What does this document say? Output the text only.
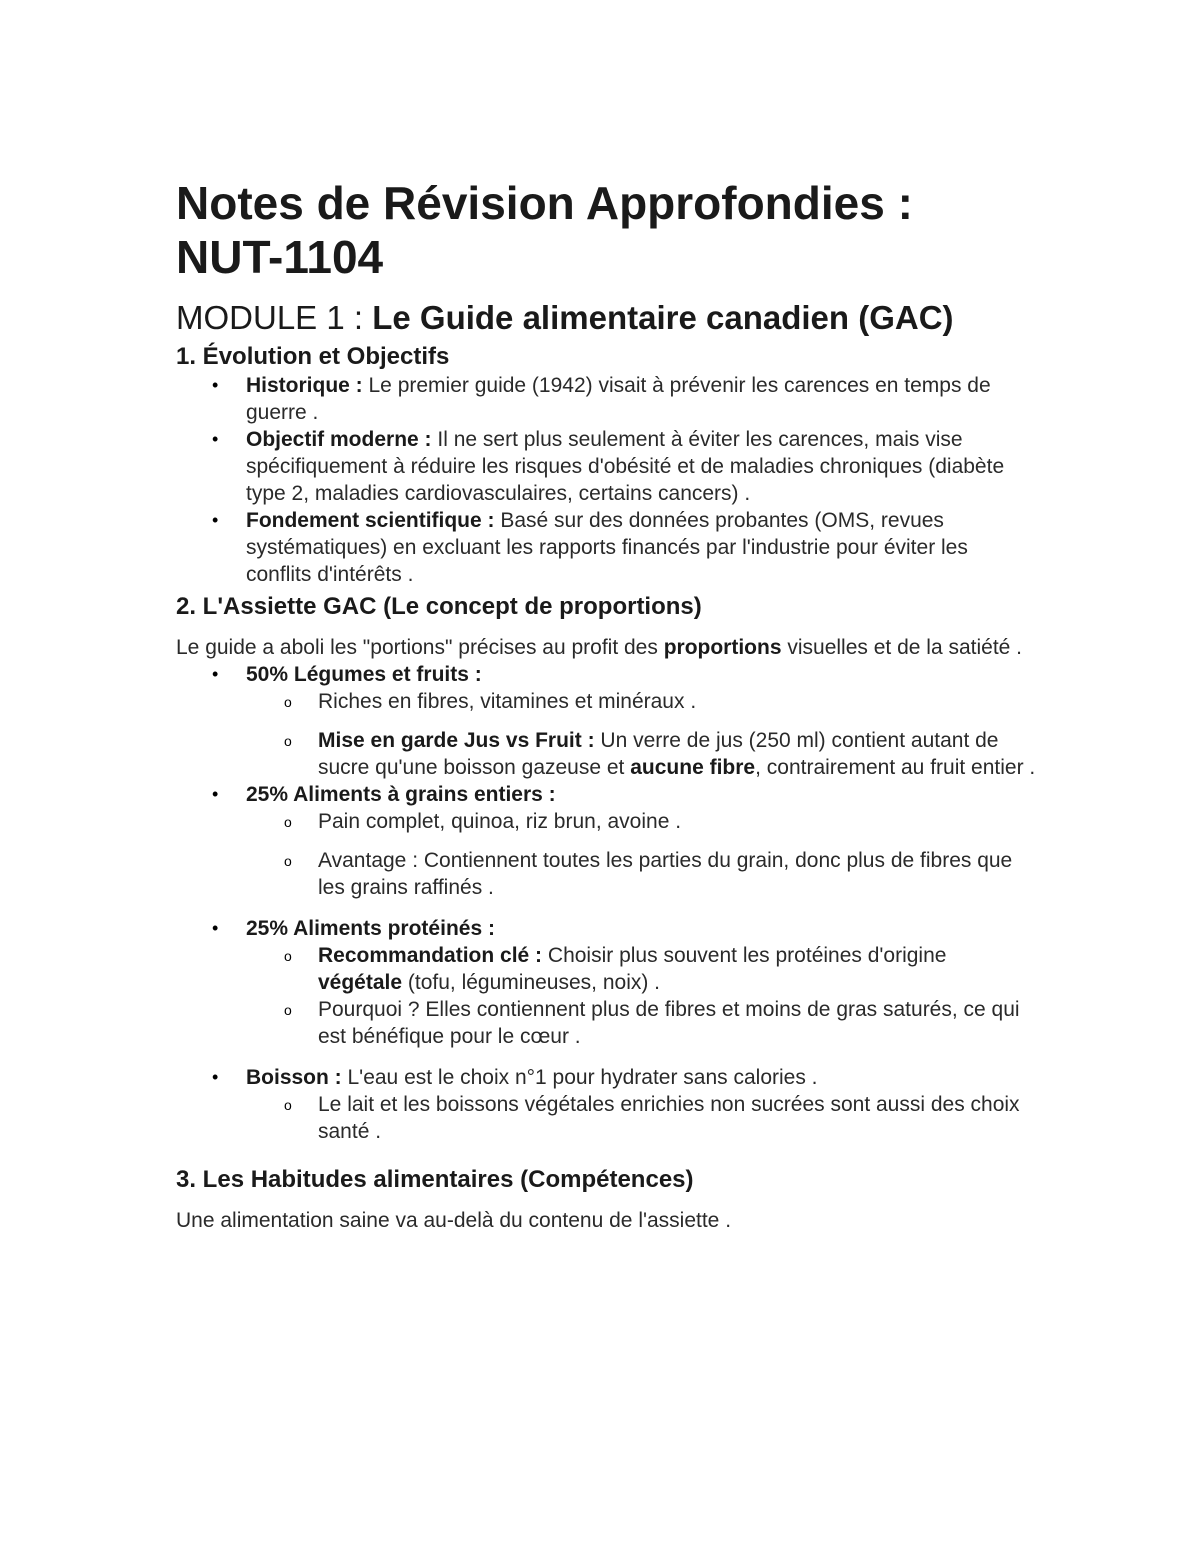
Notes de Révision Approfondies :
NUT-1104
MODULE 1 : Le Guide alimentaire canadien (GAC)
1. Évolution et Objectifs
• Historique : Le premier guide (1942) visait à prévenir les carences en temps de guerre .
• Objectif moderne : Il ne sert plus seulement à éviter les carences, mais vise spécifiquement à réduire les risques d'obésité et de maladies chroniques (diabète type 2, maladies cardiovasculaires, certains cancers) .
• Fondement scientifique : Basé sur des données probantes (OMS, revues systématiques) en excluant les rapports financés par l'industrie pour éviter les conflits d'intérêts .
2. L'Assiette GAC (Le concept de proportions)

Le guide a aboli les "portions" précises au profit des proportions visuelles et de la satiété .

• 50% Légumes et fruits :
o Riches en fibres, vitamines et minéraux .
o Mise en garde Jus vs Fruit : Un verre de jus (250 ml) contient autant de sucre qu'une boisson gazeuse et aucune fibre, contrairement au fruit entier .
• 25% Aliments à grains entiers :
o Pain complet, quinoa, riz brun, avoine .
o Avantage : Contiennent toutes les parties du grain, donc plus de fibres que les grains raffinés .
• 25% Aliments protéinés :
o Recommandation clé : Choisir plus souvent les protéines d'origine végétale (tofu, légumineuses, noix) .
o Pourquoi ? Elles contiennent plus de fibres et moins de gras saturés, ce qui est bénéfique pour le cœur .
• Boisson : L'eau est le choix n°1 pour hydrater sans calories .
o Le lait et les boissons végétales enrichies non sucrées sont aussi des choix santé .
3. Les Habitudes alimentaires (Compétences)

Une alimentation saine va au-delà du contenu de l'assiette .
